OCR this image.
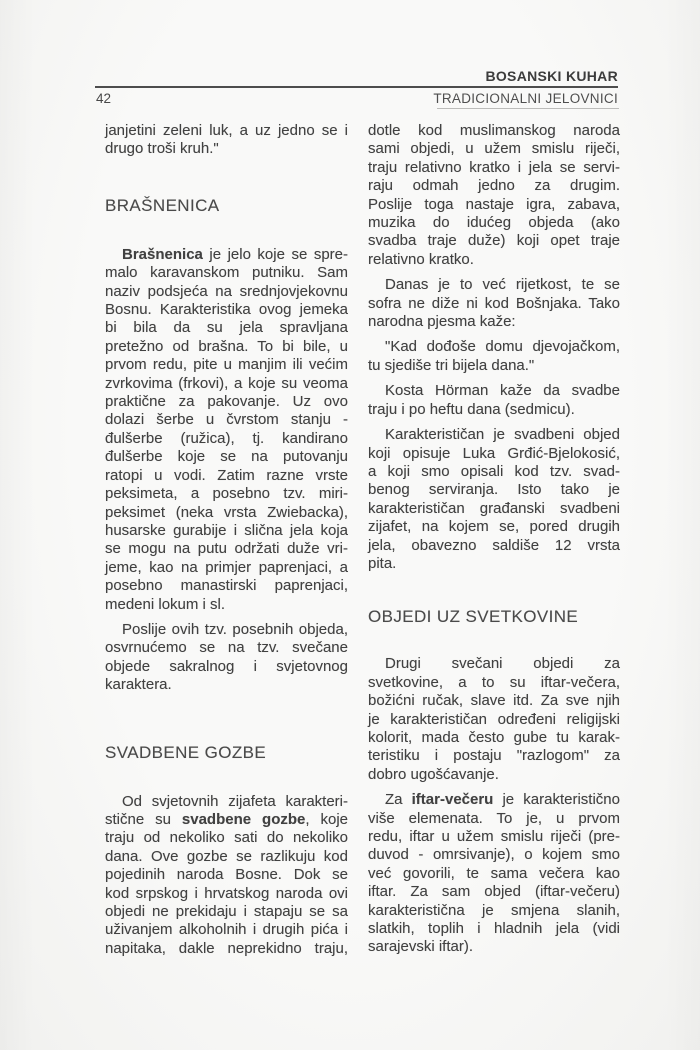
BOSANSKI KUHAR
42	TRADICIONALNI JELOVNICI
janjetini zeleni luk, a uz jedno se i
drugo troši kruh."
BRAŠNENICA
Brašnenica je jelo koje se spre-
malo karavanskom putniku. Sam
naziv podsjeća na srednjovjekovnu
Bosnu. Karakteristika ovog jemeka
bi bila da su jela spravljana
pretežno od brašna. To bi bile, u
prvom redu, pite u manjim ili većim
zvrkovima (frkovi), a koje su veoma
praktične za pakovanje. Uz ovo
dolazi šerbe u čvrstom stanju -
đulšerbe (ružica), tj. kandirano
đulšerbe koje se na putovanju
ratopi u vodi. Zatim razne vrste
peksimeta, a posebno tzv. miri-
peksimet (neka vrsta Zwiebacka),
husarske gurabije i slična jela koja
se mogu na putu održati duže vri-
jeme, kao na primjer paprenjaci, a
posebno manastirski paprenjaci,
medeni lokum i sl.
Poslije ovih tzv. posebnih objeda,
osvrnućemo se na tzv. svečane
objede sakralnog i svjetovnog
karaktera.
SVADBENE GOZBE
Od svjetovnih zijafeta karakteri-
stične su svadbene gozbe, koje
traju od nekoliko sati do nekoliko
dana. Ove gozbe se razlikuju kod
pojedinih naroda Bosne. Dok se
kod srpskog i hrvatskog naroda ovi
objedi ne prekidaju i stapaju se sa
uživanjem alkoholnih i drugih pića i
napitaka, dakle neprekidno traju,
dotle kod muslimanskog naroda
sami objedi, u užem smislu riječi,
traju relativno kratko i jela se servi-
raju odmah jedno za drugim.
Poslije toga nastaje igra, zabava,
muzika do idućeg objeda (ako
svadba traje duže) koji opet traje
relativno kratko.
Danas je to već rijetkost, te se
sofra ne diže ni kod Bošnjaka. Tako
narodna pjesma kaže:
"Kad dođoše domu djevojačkom,
tu sjediše tri bijela dana."
Kosta Hörman kaže da svadbe
traju i po heftu dana (sedmicu).
Karakterističan je svadbeni objed
koji opisuje Luka Grđić-Bjelokosić,
a koji smo opisali kod tzv. svad-
benog serviranja. Isto tako je
karakterističan građanski svadbeni
zijafet, na kojem se, pored drugih
jela, obavezno saldiše 12 vrsta
pita.
OBJEDI UZ SVETKOVINE
Drugi svečani objedi za
svetkovine, a to su iftar-večera,
božićni ručak, slave itd. Za sve njih
je karakterističan određeni religijski
kolorit, mada često gube tu karak-
teristiku i postaju "razlogom" za
dobro ugošćavanje.
Za iftar-večeru je karakteristično
više elemenata. To je, u prvom
redu, iftar u užem smislu riječi (pre-
duvod - omrsivanje), o kojem smo
već govorili, te sama večera kao
iftar. Za sam objed (iftar-večeru)
karakteristična je smjena slanih,
slatkih, toplih i hladnih jela (vidi
sarajevski iftar).
